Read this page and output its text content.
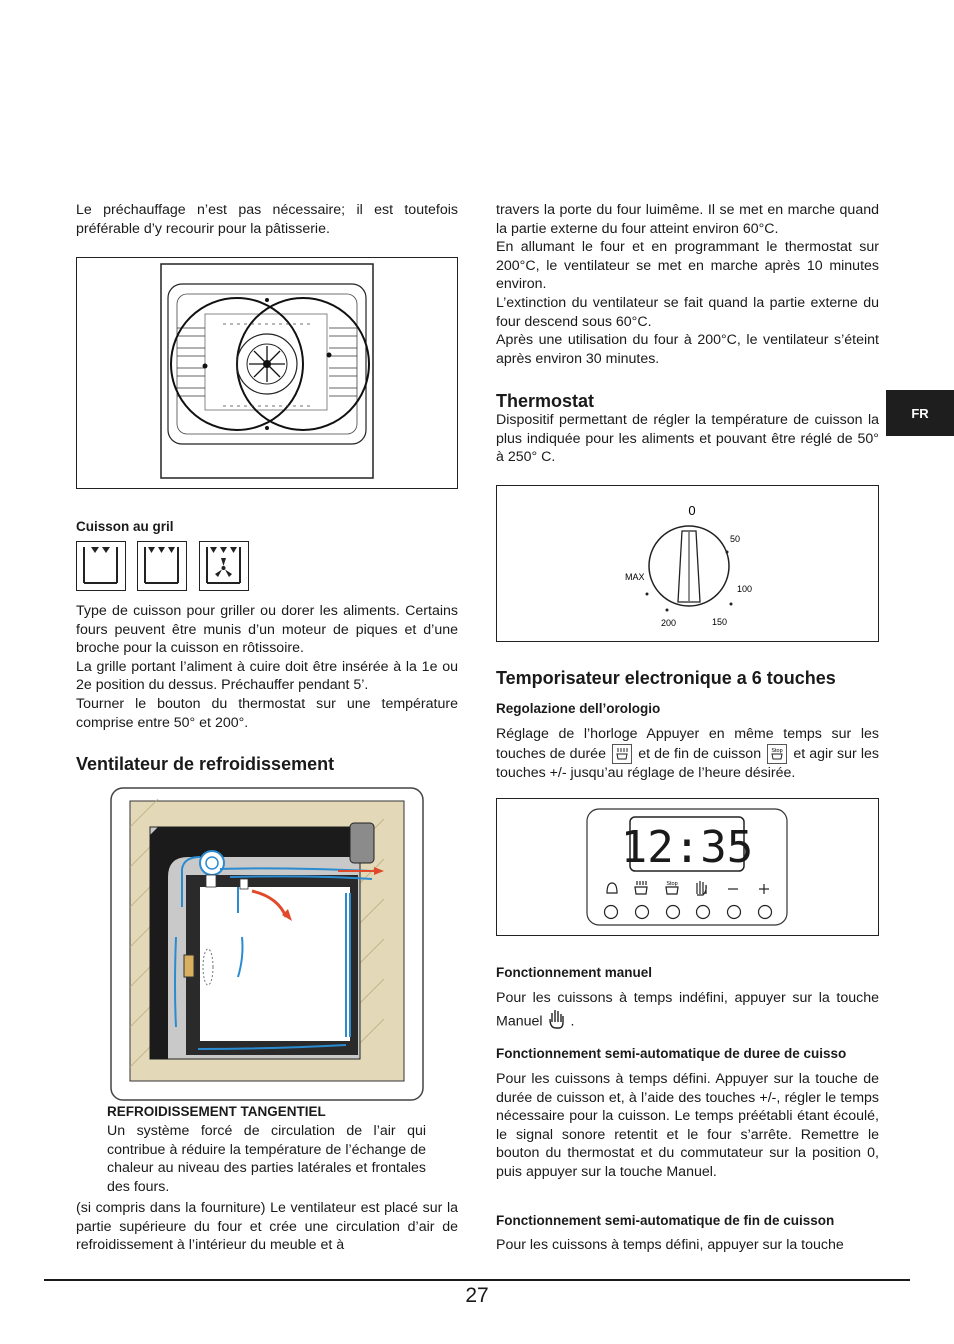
Le préchauffage n’est pas nécessaire; il est toutefois préférable d’y recourir pour la pâtisserie.

Cuisson au gril

Type de cuisson pour griller ou dorer les aliments. Certains fours peuvent être munis d’un moteur de piques et d’une broche pour la cuisson en rôtissoire.

La grille portant l’aliment à cuire doit être insérée à la 1e ou 2e position du dessus. Préchauffer pendant 5’.

Tourner le bouton du thermostat sur une température comprise entre 50° et 200°.

Ventilateur de refroidissement
REFROIDISSEMENT TANGENTIEL

Un système forcé de circulation de l’air qui contribue à réduire la température de l’échange de chaleur au niveau des parties latérales et frontales des fours.

(si compris dans la fourniture) Le ventilateur est placé sur la partie supérieure du four et crée une circulation d’air de refroidissement à l’intérieur du meuble et à

travers la porte du four luimême. Il se met en marche quand la partie externe du four atteint environ 60°C.

En allumant le four et en programmant le thermostat sur 200°C, le ventilateur se met en marche après 10 minutes environ.

L’extinction du ventilateur se fait quand la partie externe du four descend sous 60°C.

Après une utilisation du four à 200°C, le ventilateur s’éteint après environ 30 minutes.

Thermostat

Dispositif permettant de régler la température de cuisson la plus indiquée pour les aliments et pouvant être réglé de 50° à 250° C.

0
MAX
50
100
150
200
Temporisateur electronique a 6 touches
Regolazione dell’orologio

Réglage de l’horloge Appuyer en même temps sur les touches de durée et de fin de cuisson Stop et agir sur les touches +/- jusqu’au réglage de l’heure désirée.

12:35
Stop
Fonctionnement manuel

Pour les cuissons à temps indéfini, appuyer sur la touche Manuel .

Fonctionnement semi-automatique de duree de cuisso

Pour les cuissons à temps défini. Appuyer sur la touche de durée de cuisson et, à l’aide des touches +/-, régler le temps nécessaire pour la cuisson. Le temps préétabli étant écoulé, le signal sonore retentit et le four s’arrête. Remettre le bouton du thermostat et du commutateur sur la position 0, puis appuyer sur la touche Manuel.

Fonctionnement semi-automatique de fin de cuisson

Pour les cuissons à temps défini, appuyer sur la touche

FR
27
